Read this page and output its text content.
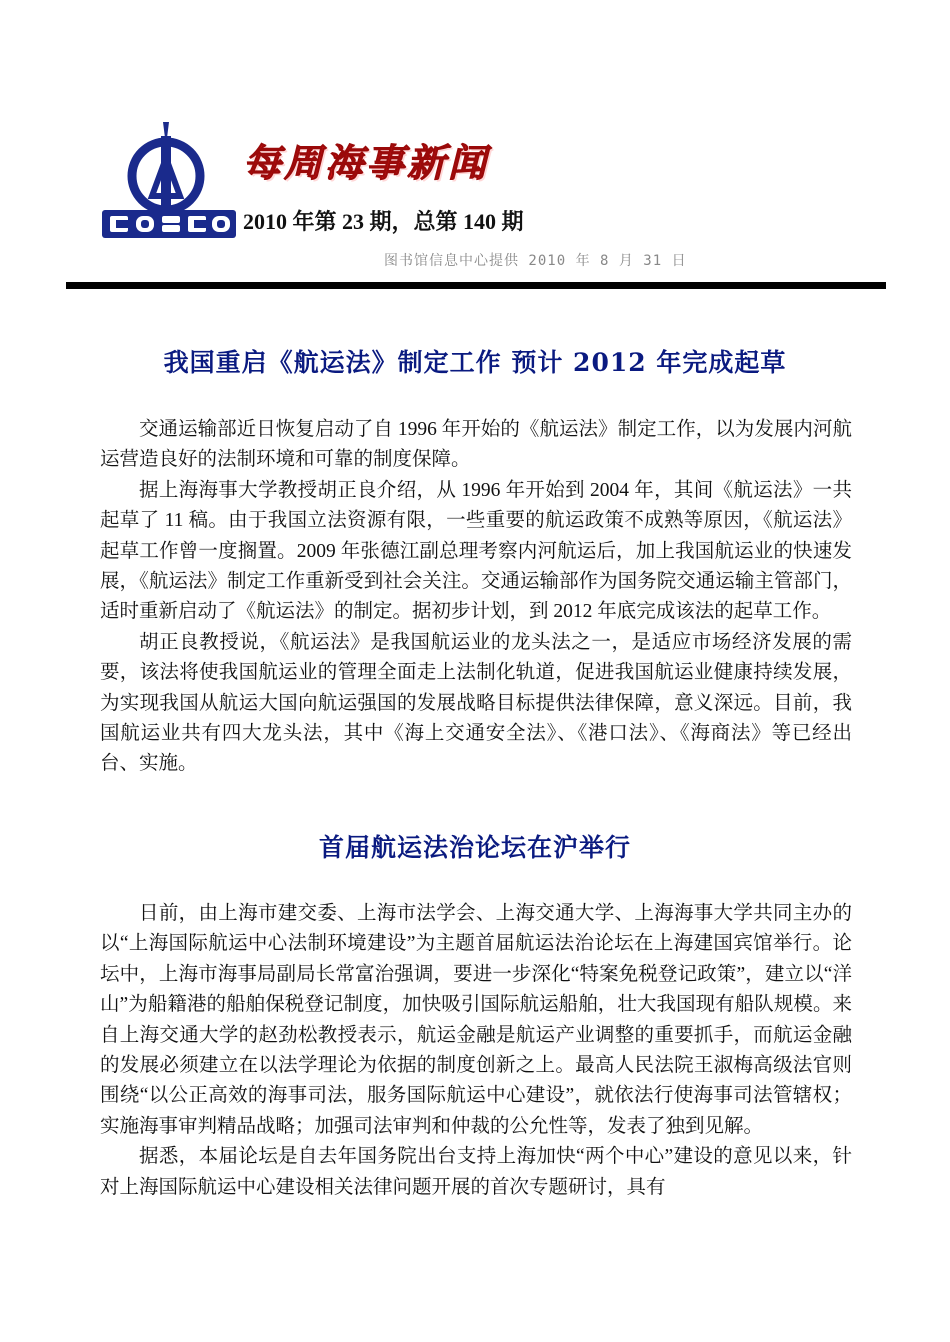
每周海事新闻
2010 年第 23 期，总第 140 期
图书馆信息中心提供 2010 年 8 月 31 日
我国重启《航运法》制定工作 预计 2012 年完成起草

交通运输部近日恢复启动了自 1996 年开始的《航运法》制定工作，以为发展内河航运营造良好的法制环境和可靠的制度保障。

据上海海事大学教授胡正良介绍，从 1996 年开始到 2004 年，其间《航运法》一共起草了 11 稿。由于我国立法资源有限，一些重要的航运政策不成熟等原因，《航运法》起草工作曾一度搁置。2009 年张德江副总理考察内河航运后，加上我国航运业的快速发展，《航运法》制定工作重新受到社会关注。交通运输部作为国务院交通运输主管部门，适时重新启动了《航运法》的制定。据初步计划，到 2012 年底完成该法的起草工作。

胡正良教授说，《航运法》是我国航运业的龙头法之一，是适应市场经济发展的需要，该法将使我国航运业的管理全面走上法制化轨道，促进我国航运业健康持续发展，为实现我国从航运大国向航运强国的发展战略目标提供法律保障，意义深远。目前，我国航运业共有四大龙头法，其中《海上交通安全法》、《港口法》、《海商法》等已经出台、实施。

首届航运法治论坛在沪举行

日前，由上海市建交委、上海市法学会、上海交通大学、上海海事大学共同主办的以“上海国际航运中心法制环境建设”为主题首届航运法治论坛在上海建国宾馆举行。论坛中，上海市海事局副局长常富治强调，要进一步深化“特案免税登记政策”，建立以“洋山”为船籍港的船舶保税登记制度，加快吸引国际航运船舶，壮大我国现有船队规模。来自上海交通大学的赵劲松教授表示，航运金融是航运产业调整的重要抓手，而航运金融的发展必须建立在以法学理论为依据的制度创新之上。最高人民法院王淑梅高级法官则围绕“以公正高效的海事司法，服务国际航运中心建设”，就依法行使海事司法管辖权；实施海事审判精品战略；加强司法审判和仲裁的公允性等，发表了独到见解。

据悉，本届论坛是自去年国务院出台支持上海加快“两个中心”建设的意见以来，针对上海国际航运中心建设相关法律问题开展的首次专题研讨，具有
